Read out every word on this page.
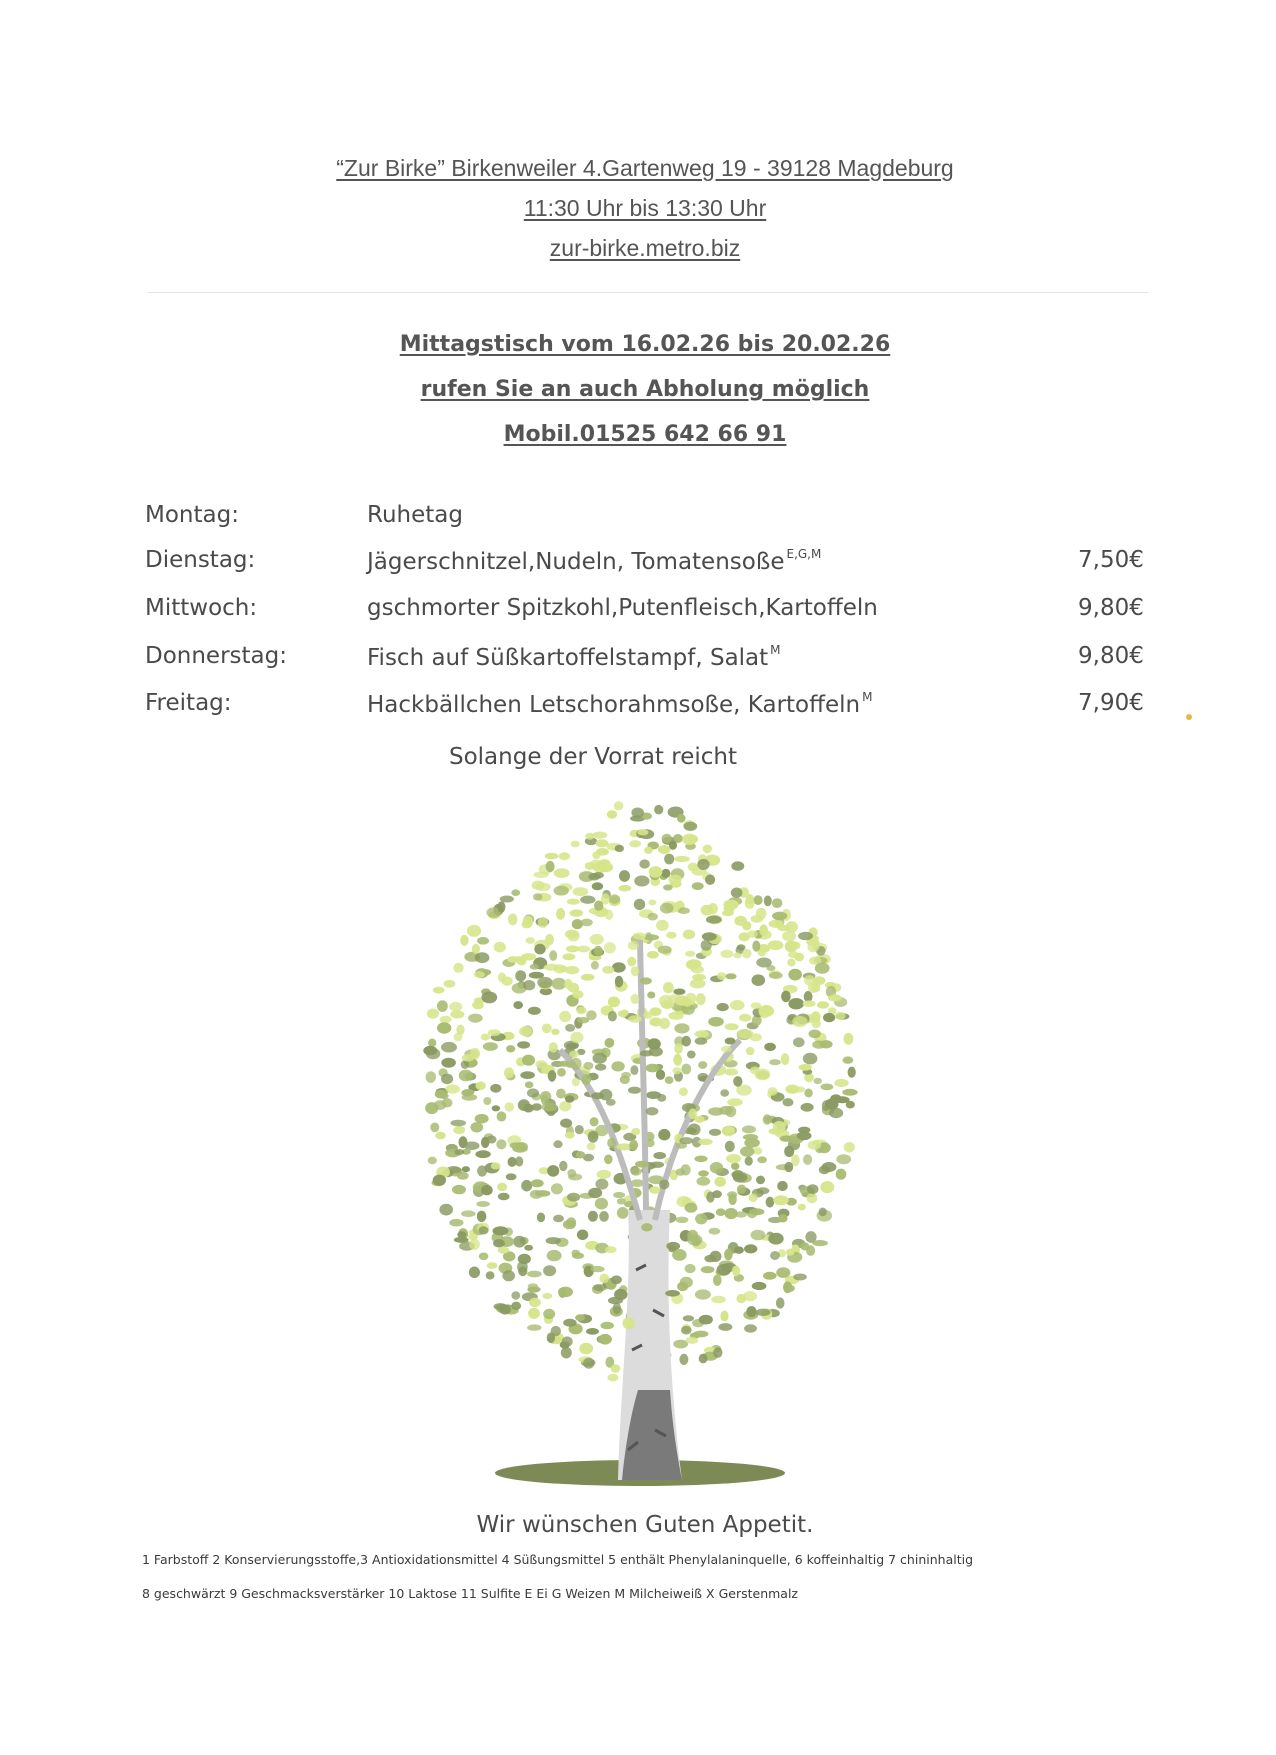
“Zur Birke” Birkenweiler 4.Gartenweg 19 - 39128 Magdeburg
11:30 Uhr bis 13:30 Uhr
zur-birke.metro.biz
Mittagstisch vom 16.02.26 bis 20.02.26
rufen Sie an auch Abholung möglich
Mobil.01525 642 66 91
Montag:	Ruhetag
Dienstag:	Jägerschnitzel,Nudeln, Tomatensoße $^{E,G,M}$	7,50€
Mittwoch:	gschmorter Spitzkohl,Putenfleisch,Kartoffeln	9,80€
Donnerstag:	Fisch auf Süßkartoffelstampf, Salat $^M$	9,80€
Freitag:	Hackbällchen Letschorahmsoße, Kartoffeln $^M$	7,90€
Solange der Vorrat reicht
Wir wünschen Guten Appetit.
1 Farbstoff 2 Konservierungsstoffe,3 Antioxidationsmittel 4 Süßungsmittel 5 enthält Phenylalaninquelle, 6 koffeinhaltig 7 chininhaltig
8 geschwärzt 9 Geschmacksverstärker 10 Laktose 11 Sulfite E Ei G Weizen M Milcheiweiß X Gerstenmalz
